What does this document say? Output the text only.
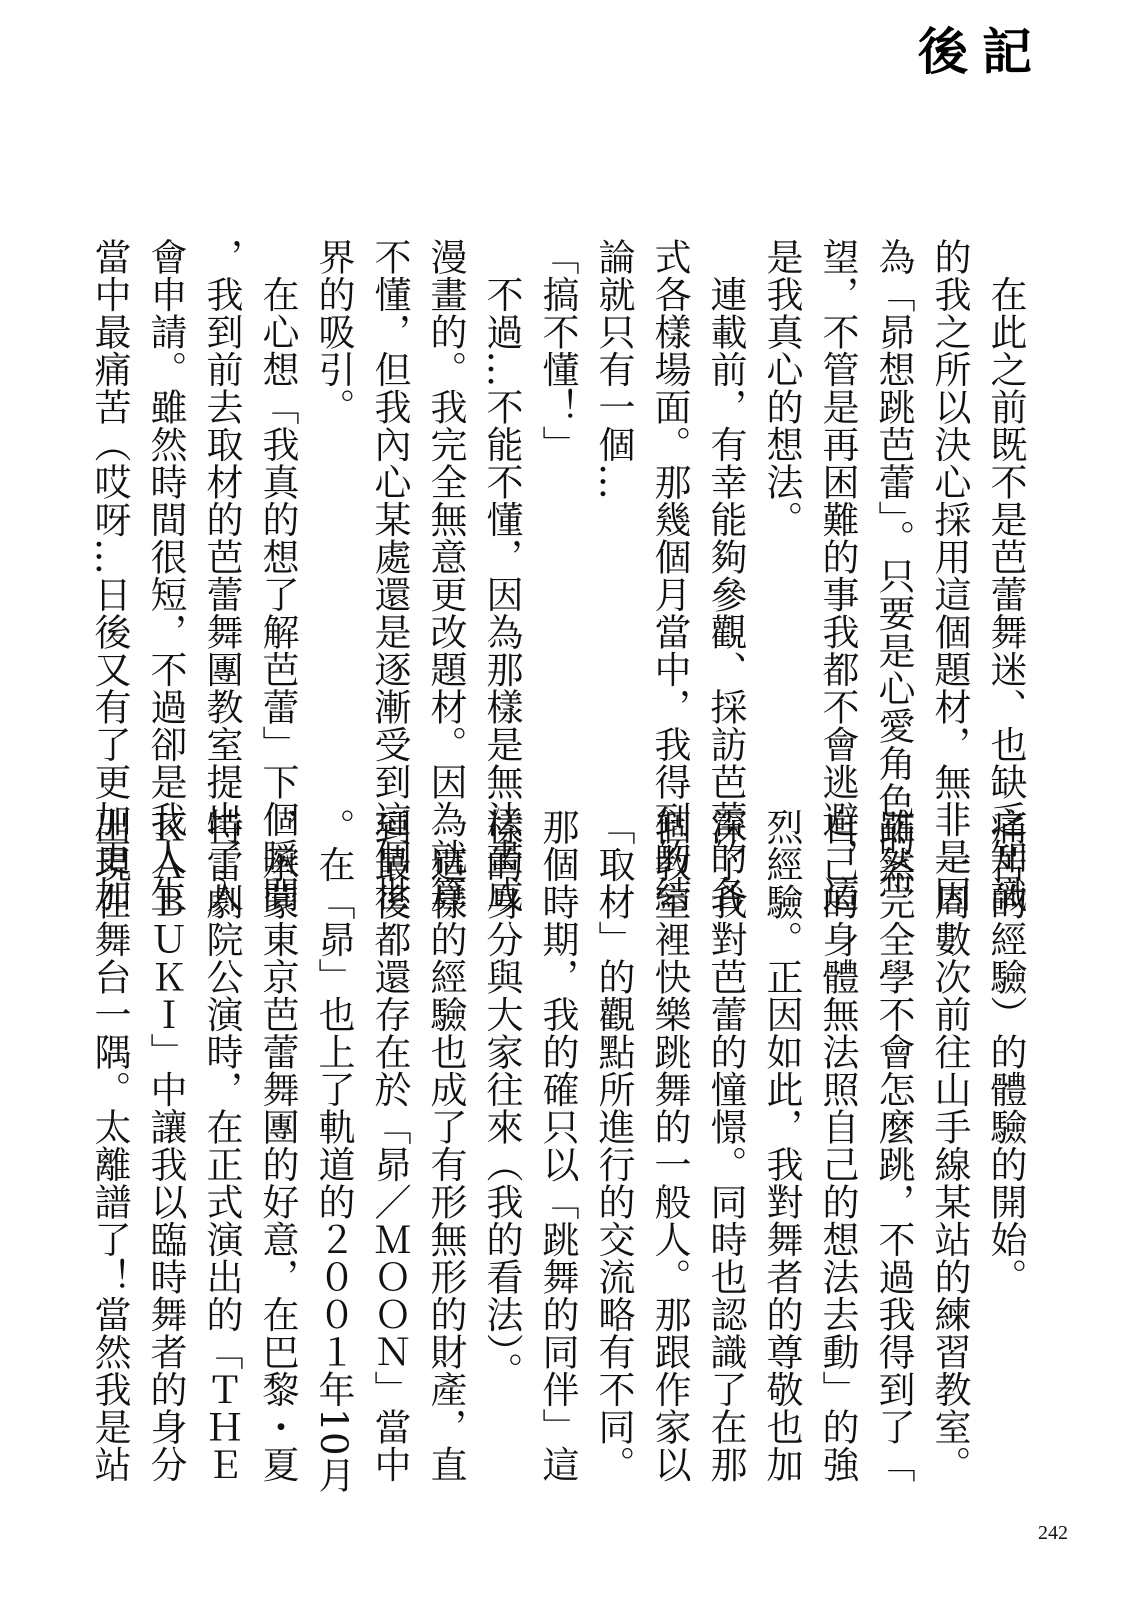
後記
　在此之前既不是芭蕾舞迷、也缺乏知識
的我之所以決心採用這個題材，無非是因
為「昴想跳芭蕾」。只要是心愛角色的希
望，不管是再困難的事我都不會逃避，這
是我真心的想法。
　連載前，有幸能夠參觀、採訪芭蕾的各
式各樣場面。那幾個月當中，我得到的結
論就只有一個…
「搞不懂！」
　不過…不能不懂，因為那樣是無法畫成
漫畫的。我完全無意更改題材。因為就算
不懂，但我內心某處還是逐漸受到這個世
界的吸引。
　在心想「我真的想了解芭蕾」下個瞬間
，我到前去取材的芭蕾舞團教室提出了入
會申請。雖然時間很短，不過卻是我人生
當中最痛苦（哎呀…日後又有了更加更加
痛苦的經驗）的體驗的開始。
　一周數次前往山手線某站的練習教室。
雖然完全學不會怎麼跳，不過我得到了「
自己的身體無法照自己的想法去動」的強
烈經驗。正因如此，我對舞者的尊敬也加
深了我對芭蕾的憧憬。同時也認識了在那
個教室裡快樂跳舞的一般人。那跟作家以
「取材」的觀點所進行的交流略有不同。
那個時期，我的確只以「跳舞的同伴」這
樣的身分與大家往來（我的看法）。
　這樣的經驗也成了有形無形的財產，直
到最後都還存在於「昴／ＭＯＯＮ」當中
。在「昴」也上了軌道的２００１年10月
，承蒙東京芭蕾舞團的好意，在巴黎・夏
特雷劇院公演時，在正式演出的「ＴＨＥ
ＫＡＢＵＫＩ」中讓我以臨時舞者的身分
出現在舞台一隅。太離譜了！當然我是站
242
